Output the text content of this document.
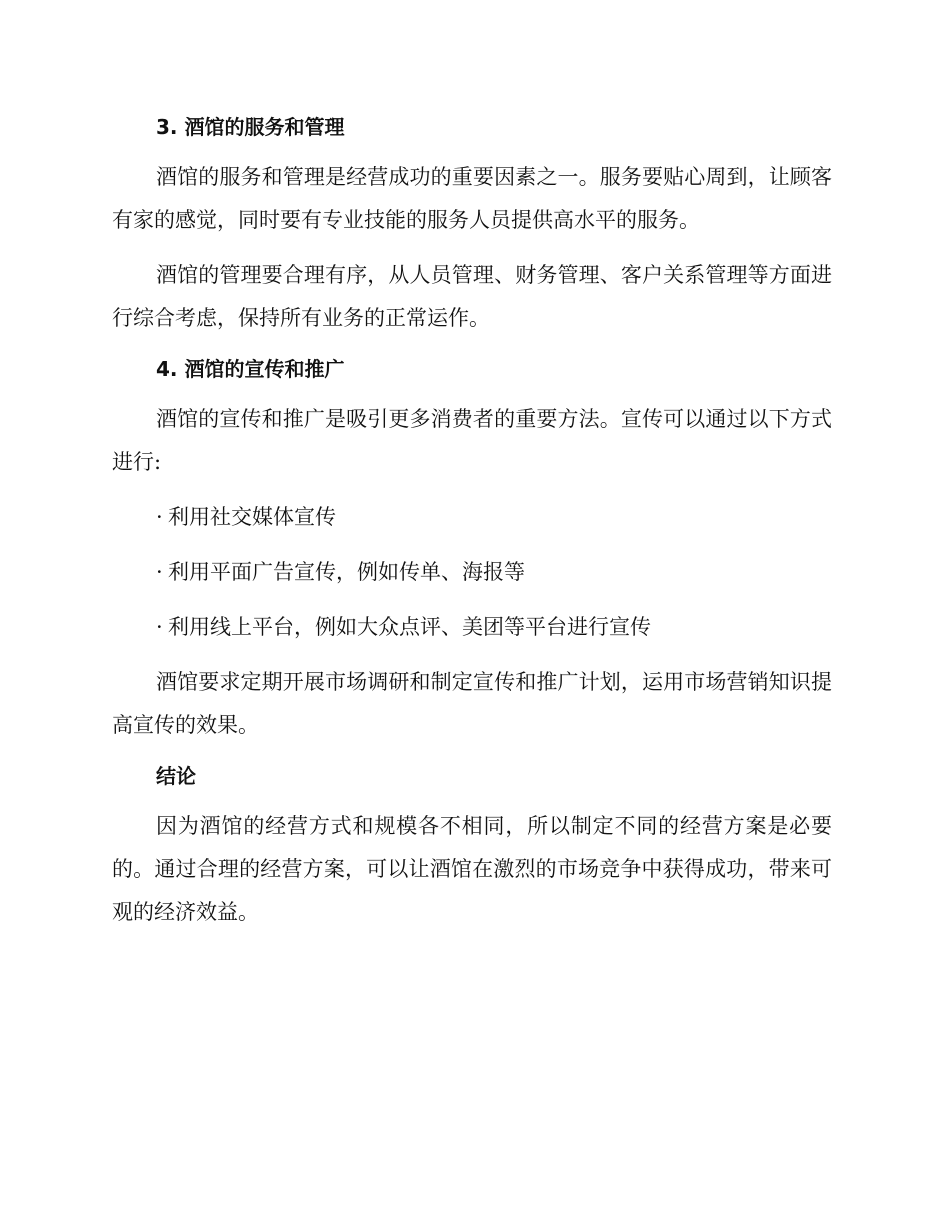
3. 酒馆的服务和管理

酒馆的服务和管理是经营成功的重要因素之一。服务要贴心周到，让顾客有家的感觉，同时要有专业技能的服务人员提供高水平的服务。

酒馆的管理要合理有序，从人员管理、财务管理、客户关系管理等方面进行综合考虑，保持所有业务的正常运作。

4. 酒馆的宣传和推广

酒馆的宣传和推广是吸引更多消费者的重要方法。宣传可以通过以下方式进行:

· 利用社交媒体宣传
· 利用平面广告宣传，例如传单、海报等
· 利用线上平台，例如大众点评、美团等平台进行宣传

酒馆要求定期开展市场调研和制定宣传和推广计划，运用市场营销知识提高宣传的效果。

结论

因为酒馆的经营方式和规模各不相同，所以制定不同的经营方案是必要的。通过合理的经营方案，可以让酒馆在激烈的市场竞争中获得成功，带来可观的经济效益。
